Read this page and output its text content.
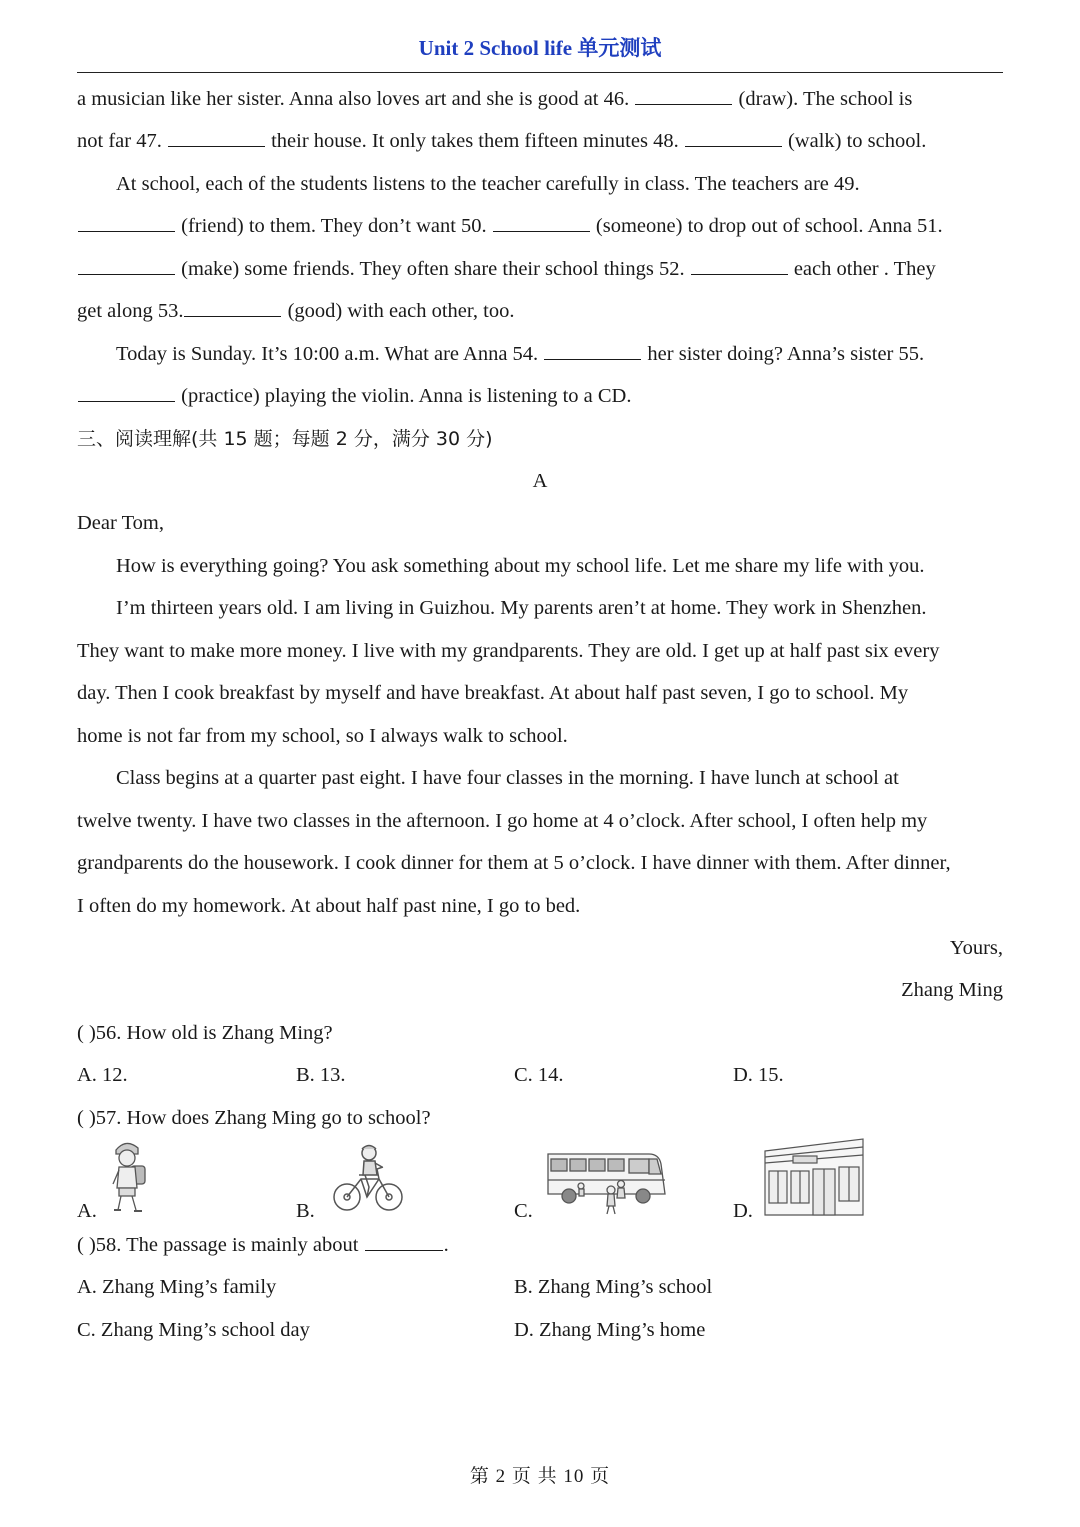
Unit 2 School life 单元测试
a musician like her sister. Anna also loves art and she is good at 46.	(draw). The school is
not far 47.	their house. It only takes them fifteen minutes 48.	(walk) to school.
At school, each of the students listens to the teacher carefully in class. The teachers are 49.
(friend) to them. They don’t want 50.	(someone) to drop out of school. Anna 51.
(make) some friends. They often share their school things 52.	each other . They
get along 53.	(good) with each other, too.
Today is Sunday. It’s 10:00 a.m. What are Anna 54.	her sister doing? Anna’s sister 55.
(practice) playing the violin. Anna is listening to a CD.
三、阅读理解(共 15 题；每题 2 分，满分 30 分)
A
Dear Tom,
How is everything going? You ask something about my school life. Let me share my life with you.
I’m thirteen years old. I am living in Guizhou. My parents aren’t at home. They work in Shenzhen.
They want to make more money. I live with my grandparents. They are old. I get up at half past six every
day. Then I cook breakfast by myself and have breakfast. At about half past seven, I go to school. My
home is not far from my school, so I always walk to school.
Class begins at a quarter past eight. I have four classes in the morning. I have lunch at school at
twelve twenty. I have two classes in the afternoon. I go home at 4 o’clock. After school, I often help my
grandparents do the housework. I cook dinner for them at 5 o’clock. I have dinner with them. After dinner,
I often do my homework. At about half past nine, I go to bed.
Yours,
Zhang Ming
( )56. How old is Zhang Ming?
A. 12.	B. 13.	C. 14.	D. 15.
( )57. How does Zhang Ming go to school?
A.	B.	C.	D.
( )58. The passage is mainly about	.
A. Zhang Ming’s family	B. Zhang Ming’s school
C. Zhang Ming’s school day	D. Zhang Ming’s home
第 2 页 共 10 页
